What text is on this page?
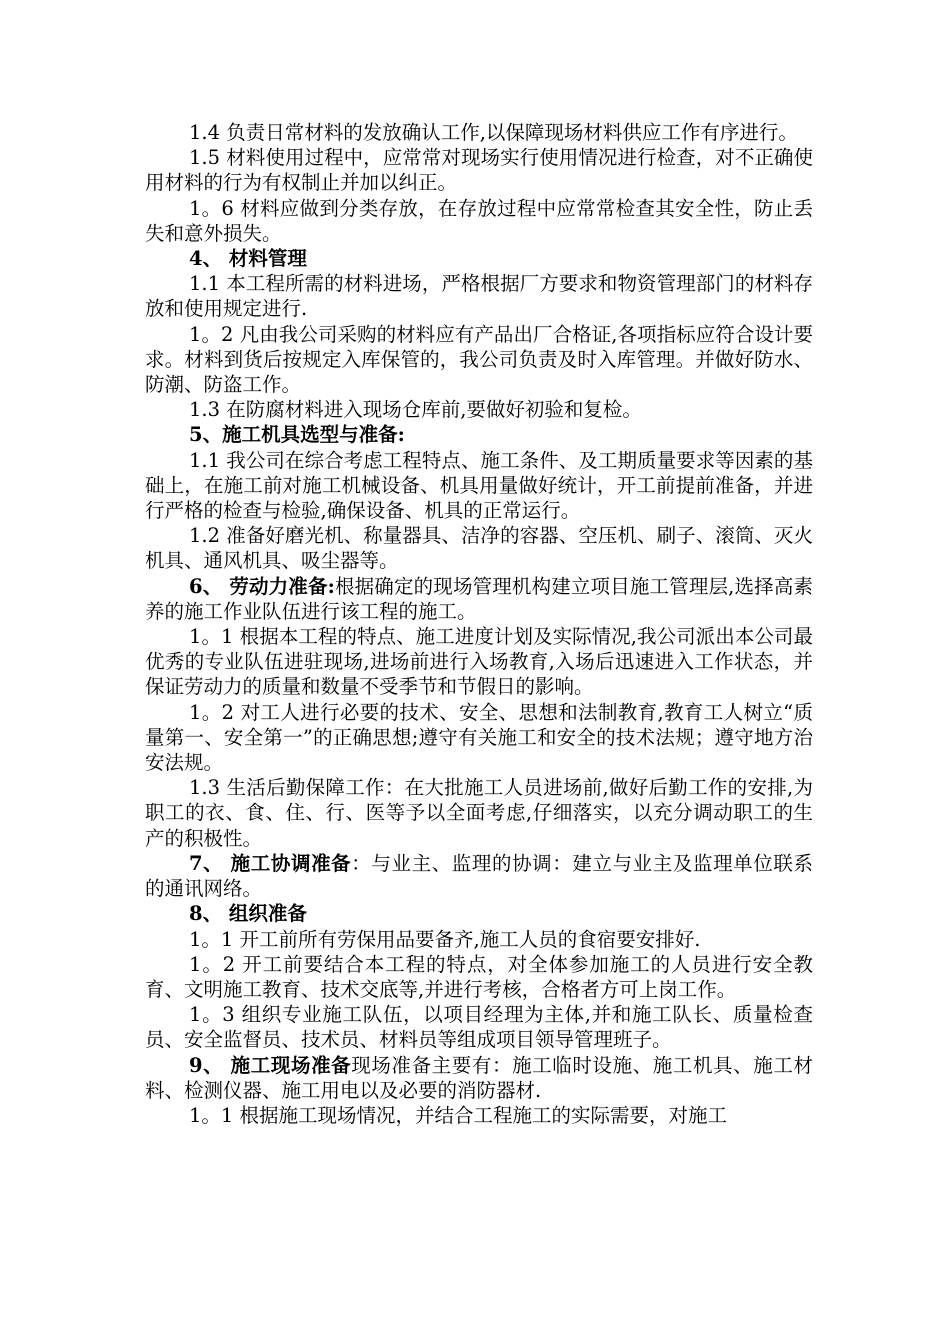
1.4 负责日常材料的发放确认工作,以保障现场材料供应工作有序进行。

1.5 材料使用过程中，应常常对现场实行使用情况进行检查，对不正确使用材料的行为有权制止并加以纠正。

1。6 材料应做到分类存放，在存放过程中应常常检查其安全性，防止丢失和意外损失。

4、 材料管理

1.1 本工程所需的材料进场，严格根据厂方要求和物资管理部门的材料存放和使用规定进行.

1。2 凡由我公司采购的材料应有产品出厂合格证,各项指标应符合设计要求。材料到货后按规定入库保管的，我公司负责及时入库管理。并做好防水、防潮、防盗工作。

1.3 在防腐材料进入现场仓库前,要做好初验和复检。

5、施工机具选型与准备:

1.1 我公司在综合考虑工程特点、施工条件、及工期质量要求等因素的基础上，在施工前对施工机械设备、机具用量做好统计，开工前提前准备，并进行严格的检查与检验,确保设备、机具的正常运行。

1.2 准备好磨光机、称量器具、洁净的容器、空压机、刷子、滚筒、灭火机具、通风机具、吸尘器等。

6、 劳动力准备:根据确定的现场管理机构建立项目施工管理层,选择高素养的施工作业队伍进行该工程的施工。

1。1 根据本工程的特点、施工进度计划及实际情况,我公司派出本公司最优秀的专业队伍进驻现场,进场前进行入场教育,入场后迅速进入工作状态，并保证劳动力的质量和数量不受季节和节假日的影响。

1。2 对工人进行必要的技术、安全、思想和法制教育,教育工人树立“质量第一、安全第一”的正确思想;遵守有关施工和安全的技术法规；遵守地方治安法规。

1.3 生活后勤保障工作：在大批施工人员进场前,做好后勤工作的安排,为职工的衣、食、住、行、医等予以全面考虑,仔细落实，以充分调动职工的生产的积极性。

7、 施工协调准备：与业主、监理的协调：建立与业主及监理单位联系的通讯网络。

8、 组织准备

1。1 开工前所有劳保用品要备齐,施工人员的食宿要安排好.

1。2 开工前要结合本工程的特点，对全体参加施工的人员进行安全教育、文明施工教育、技术交底等,并进行考核，合格者方可上岗工作。

1。3 组织专业施工队伍，以项目经理为主体,并和施工队长、质量检查员、安全监督员、技术员、材料员等组成项目领导管理班子。

9、 施工现场准备现场准备主要有：施工临时设施、施工机具、施工材料、检测仪器、施工用电以及必要的消防器材.

1。1 根据施工现场情况，并结合工程施工的实际需要，对施工
